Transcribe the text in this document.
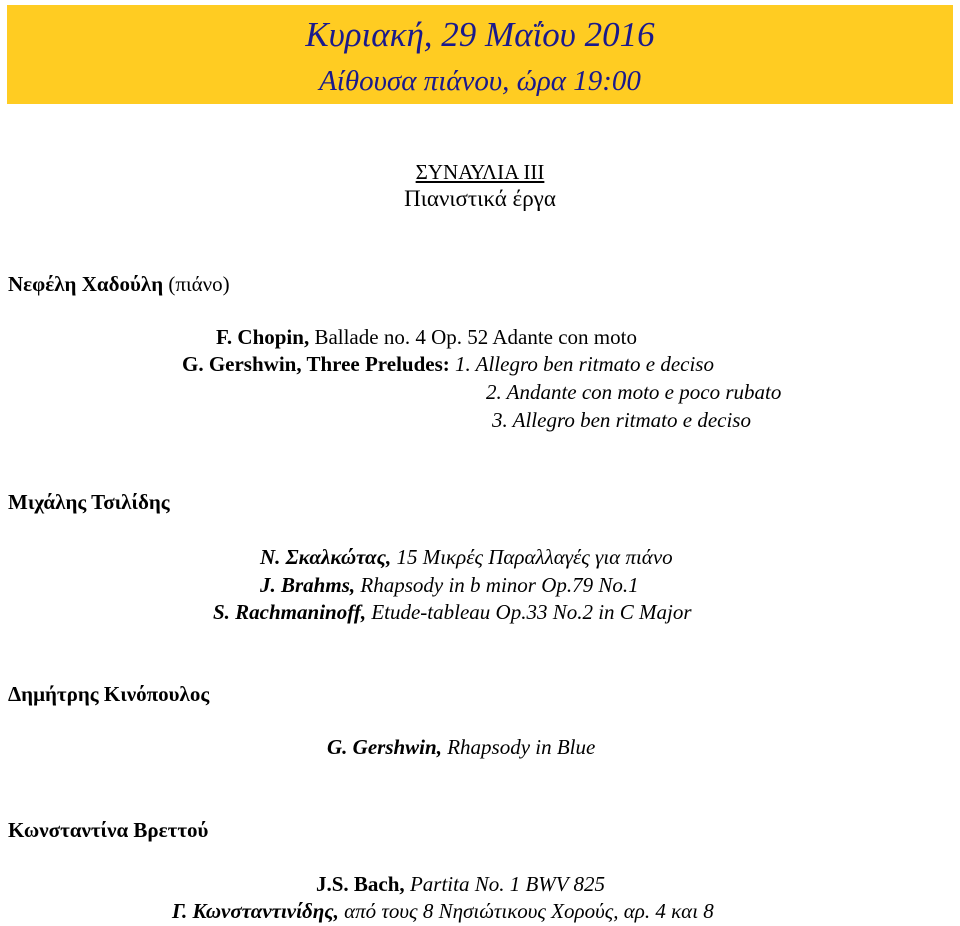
Κυριακή, 29 Μαΐου 2016
Αίθουσα πιάνου, ώρα 19:00
ΣΥΝΑΥΛΙΑ ΙΙΙ
Πιανιστικά έργα
Νεφέλη Χαδούλη (πιάνο)
F. Chopin, Ballade no. 4 Op. 52 Adante con moto
G. Gershwin, Three Preludes: 1. Allegro ben ritmato e deciso
2. Andante con moto e poco rubato
3. Allegro ben ritmato e deciso
Μιχάλης Τσιλίδης
Ν. Σκαλκώτας, 15 Μικρές Παραλλαγές για πιάνο
J. Brahms, Rhapsody in b minor Op.79 No.1
S. Rachmaninoff, Etude-tableau Op.33 No.2 in C Major
Δημήτρης Κινόπουλος
G. Gershwin, Rhapsody in Blue
Κωνσταντίνα Βρεττού
J.S. Bach, Partita No. 1 BWV 825
Γ. Κωνσταντινίδης, από τους 8 Νησιώτικους Χορούς, αρ. 4 και 8
